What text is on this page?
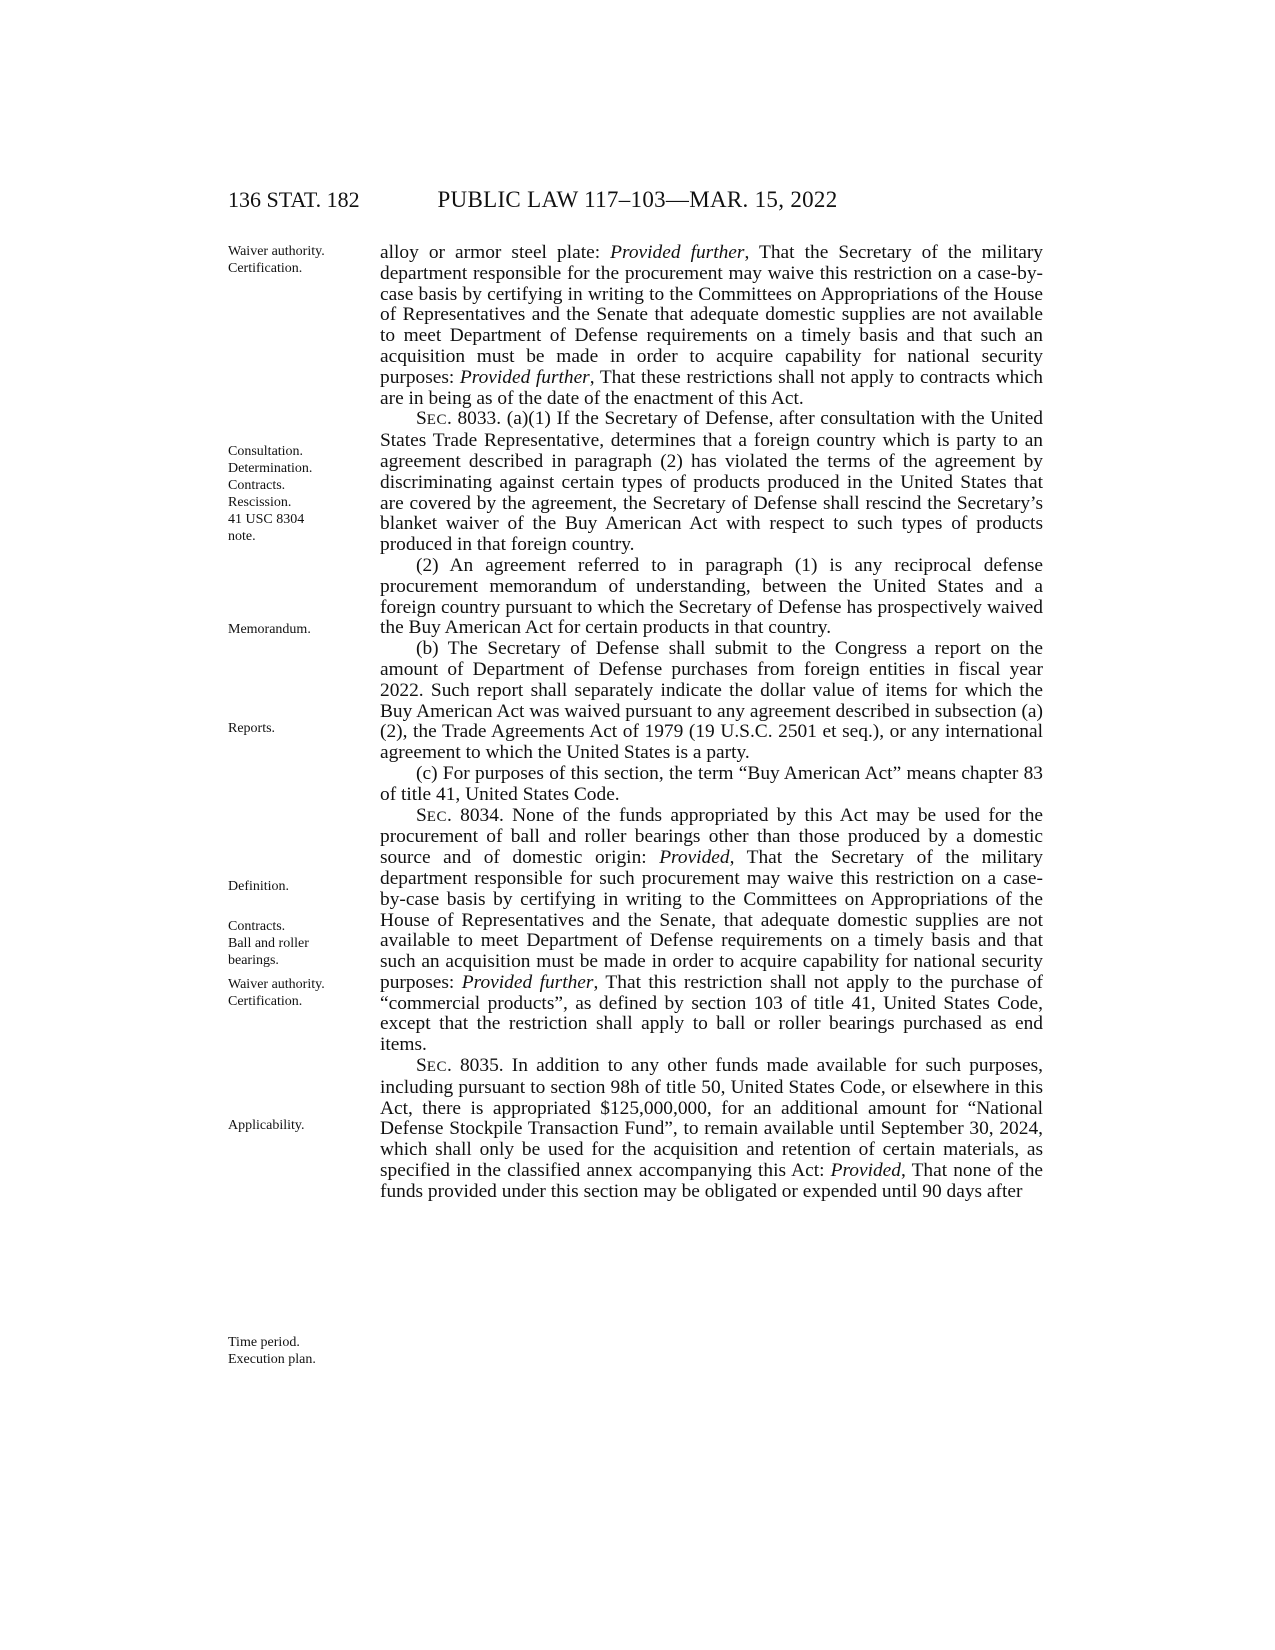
136 STAT. 182	PUBLIC LAW 117–103—MAR. 15, 2022
Waiver authority.
Certification.
Consultation.
Determination.
Contracts.
Rescission.
41 USC 8304
note.
Memorandum.
Reports.
Definition.
Contracts.
Ball and roller
bearings.
Waiver authority.
Certification.
Applicability.
Time period.
Execution plan.

alloy or armor steel plate: Provided further, That the Secretary of the military department responsible for the procurement may waive this restriction on a case-by-case basis by certifying in writing to the Committees on Appropriations of the House of Representatives and the Senate that adequate domestic supplies are not available to meet Department of Defense requirements on a timely basis and that such an acquisition must be made in order to acquire capability for national security purposes: Provided further, That these restrictions shall not apply to contracts which are in being as of the date of the enactment of this Act.

SEC. 8033. (a)(1) If the Secretary of Defense, after consultation with the United States Trade Representative, determines that a foreign country which is party to an agreement described in paragraph (2) has violated the terms of the agreement by discriminating against certain types of products produced in the United States that are covered by the agreement, the Secretary of Defense shall rescind the Secretary’s blanket waiver of the Buy American Act with respect to such types of products produced in that foreign country.

(2) An agreement referred to in paragraph (1) is any reciprocal defense procurement memorandum of understanding, between the United States and a foreign country pursuant to which the Secretary of Defense has prospectively waived the Buy American Act for certain products in that country.

(b) The Secretary of Defense shall submit to the Congress a report on the amount of Department of Defense purchases from foreign entities in fiscal year 2022. Such report shall separately indicate the dollar value of items for which the Buy American Act was waived pursuant to any agreement described in subsection (a)(2), the Trade Agreements Act of 1979 (19 U.S.C. 2501 et seq.), or any international agreement to which the United States is a party.

(c) For purposes of this section, the term “Buy American Act” means chapter 83 of title 41, United States Code.

SEC. 8034. None of the funds appropriated by this Act may be used for the procurement of ball and roller bearings other than those produced by a domestic source and of domestic origin: Provided, That the Secretary of the military department responsible for such procurement may waive this restriction on a case-by-case basis by certifying in writing to the Committees on Appropriations of the House of Representatives and the Senate, that adequate domestic supplies are not available to meet Department of Defense requirements on a timely basis and that such an acquisition must be made in order to acquire capability for national security purposes: Provided further, That this restriction shall not apply to the purchase of “commercial products”, as defined by section 103 of title 41, United States Code, except that the restriction shall apply to ball or roller bearings purchased as end items.

SEC. 8035. In addition to any other funds made available for such purposes, including pursuant to section 98h of title 50, United States Code, or elsewhere in this Act, there is appropriated $125,000,000, for an additional amount for “National Defense Stockpile Transaction Fund”, to remain available until September 30, 2024, which shall only be used for the acquisition and retention of certain materials, as specified in the classified annex accompanying this Act: Provided, That none of the funds provided under this section may be obligated or expended until 90 days after
